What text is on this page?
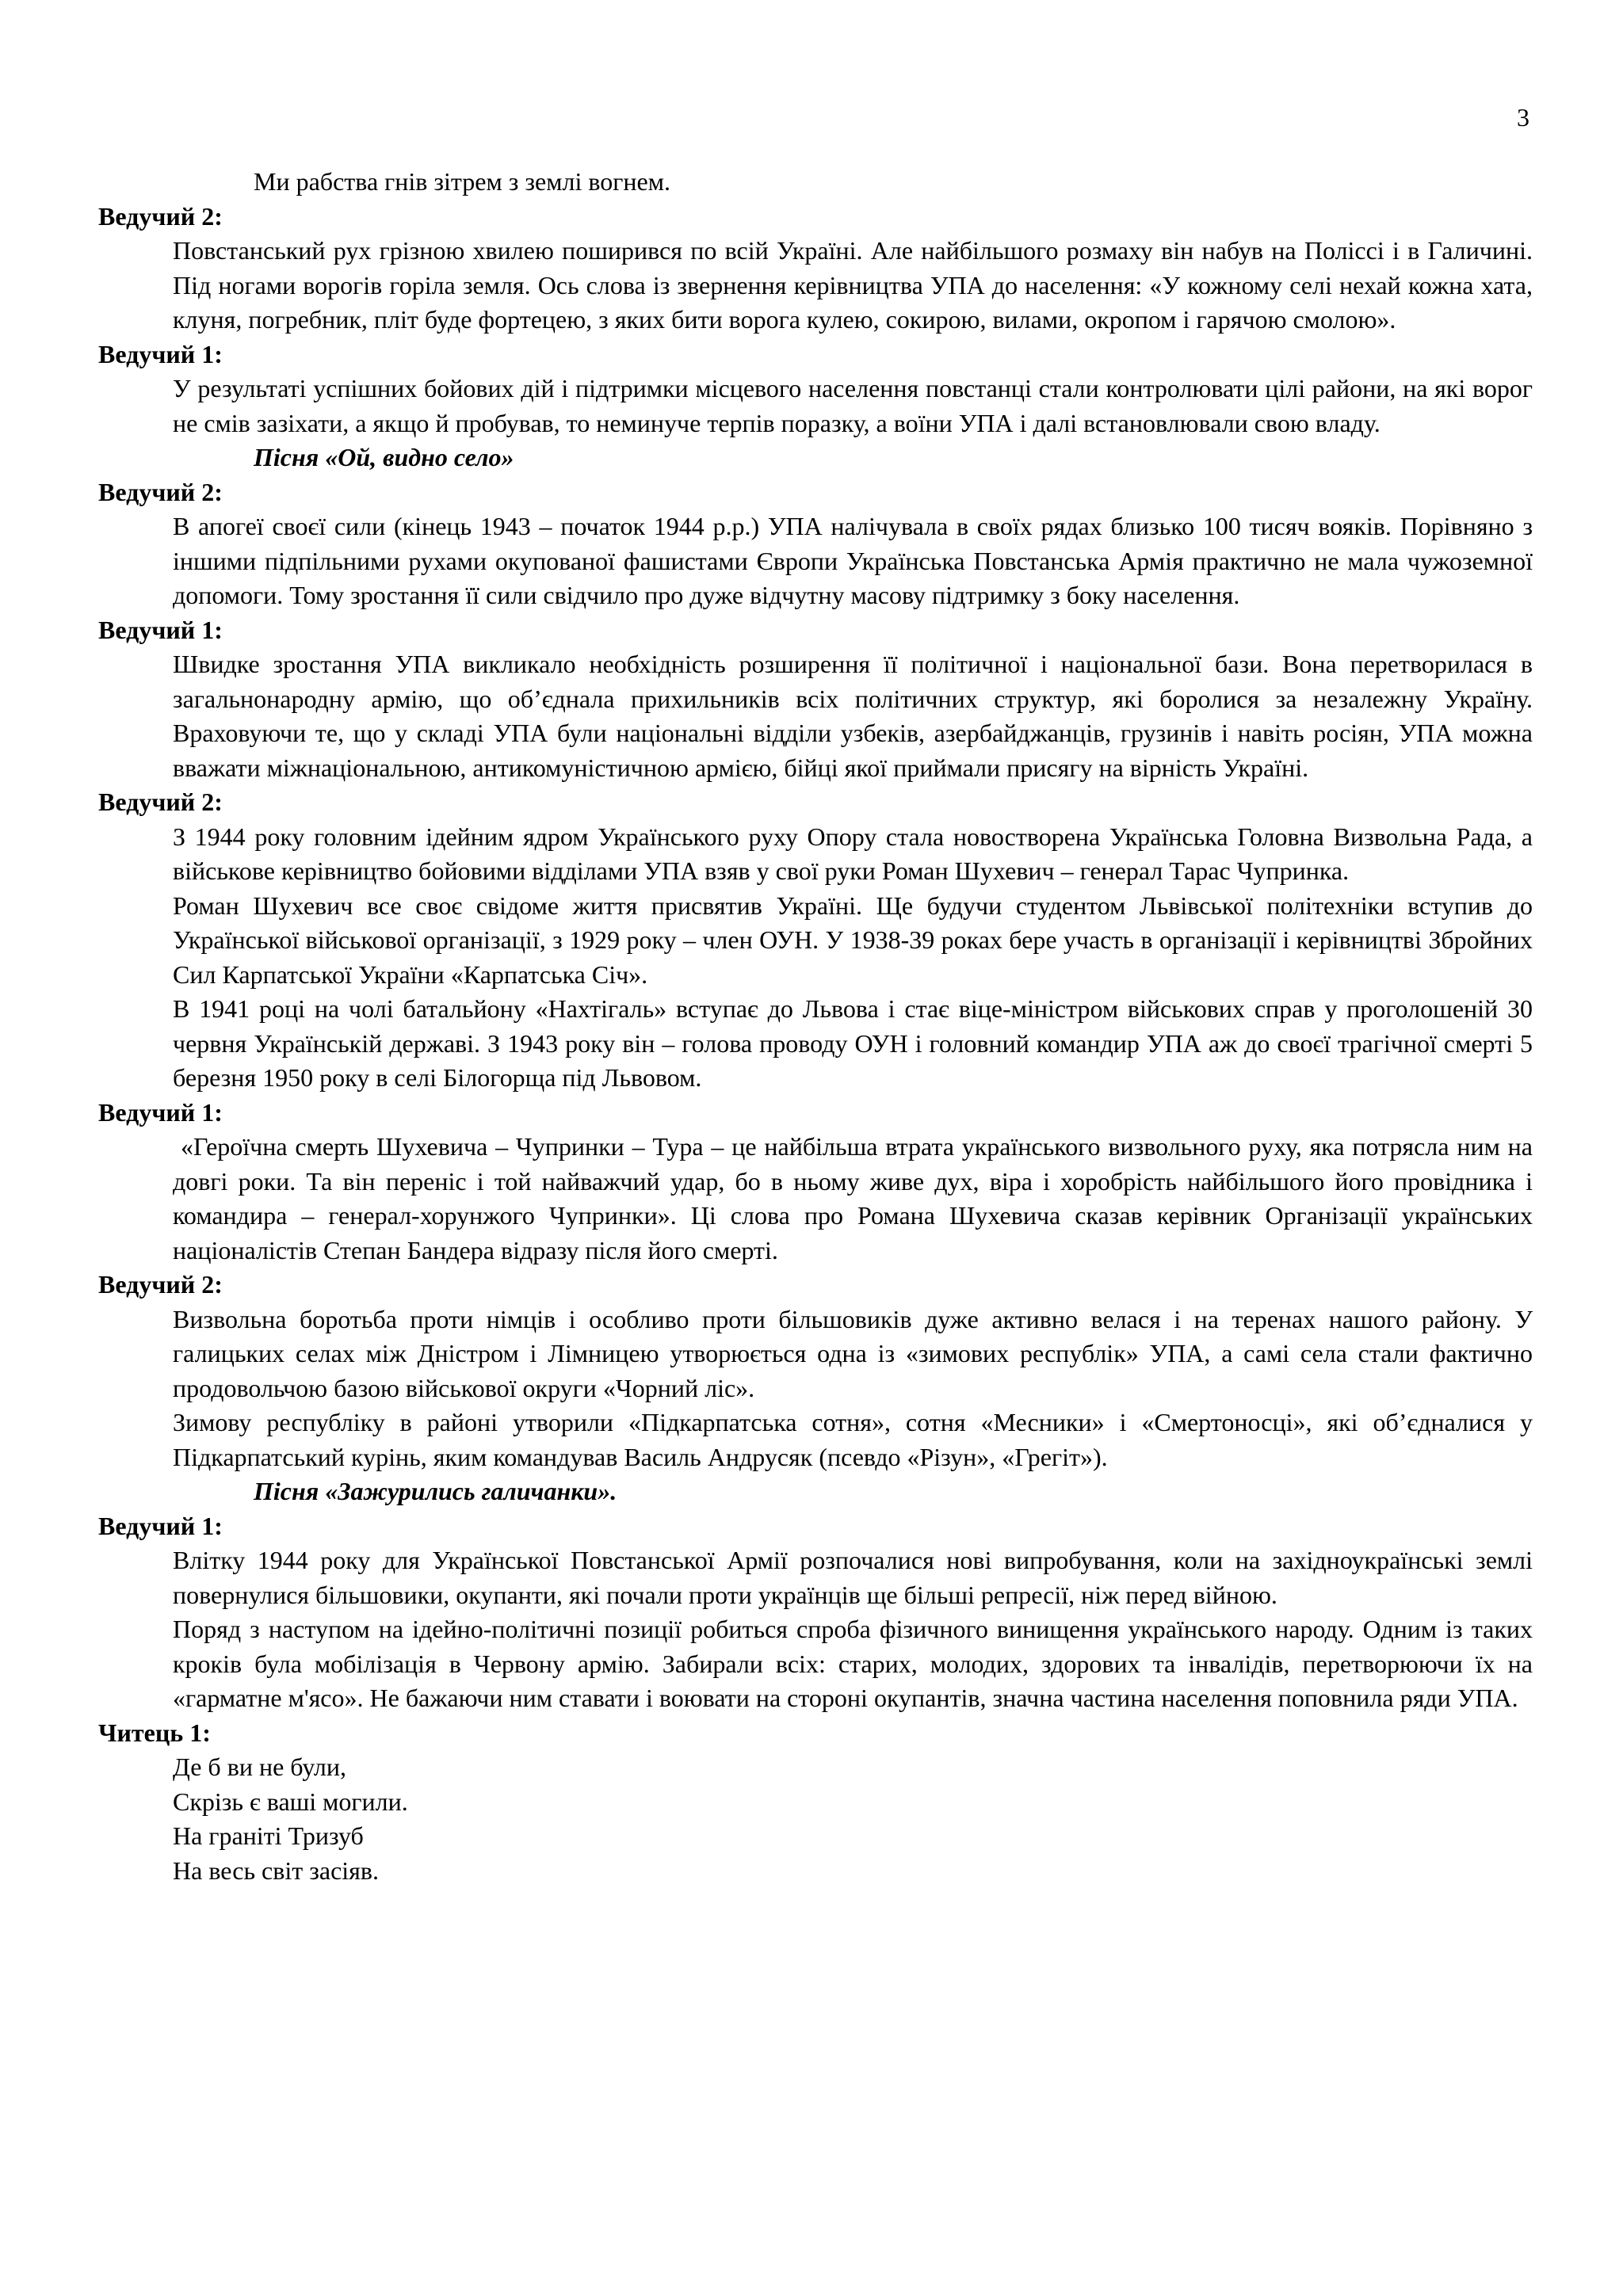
3

Ми рабства гнів зітрем з землі вогнем.

Ведучий 2:

Повстанський рух грізною хвилею поширився по всій Україні. Але найбільшого розмаху він набув на Поліссі і в Галичині. Під ногами ворогів горіла земля. Ось слова із звернення керівництва УПА до населення: «У кожному селі нехай кожна хата, клуня, погребник, пліт буде фортецею, з яких бити ворога кулею, сокирою, вилами, окропом і гарячою смолою».

Ведучий 1:

У результаті успішних бойових дій і підтримки місцевого населення повстанці стали контролювати цілі райони, на які ворог не смів зазіхати, а якщо й пробував, то неминуче терпів поразку, а воїни УПА і далі встановлювали свою владу.

Пісня «Ой, видно село»

Ведучий 2:

В апогеї своєї сили (кінець 1943 – початок 1944 р.р.) УПА налічувала в своїх рядах близько 100 тисяч вояків. Порівняно з іншими підпільними рухами окупованої фашистами Європи Українська Повстанська Армія практично не мала чужоземної допомоги. Тому зростання її сили свідчило про дуже відчутну масову підтримку з боку населення.

Ведучий 1:

Швидке зростання УПА викликало необхідність розширення її політичної і національної бази. Вона перетворилася в загальнонародну армію, що об’єднала прихильників всіх політичних структур, які боролися за незалежну Україну. Враховуючи те, що у складі УПА були національні відділи узбеків, азербайджанців, грузинів і навіть росіян, УПА можна вважати міжнаціональною, антикомуністичною армією, бійці якої приймали присягу на вірність Україні.

Ведучий 2:

З 1944 року головним ідейним ядром Українського руху Опору стала новостворена Українська Головна Визвольна Рада, а військове керівництво бойовими відділами УПА взяв у свої руки Роман Шухевич – генерал Тарас Чупринка.

Роман Шухевич все своє свідоме життя присвятив Україні. Ще будучи студентом Львівської політехніки вступив до Української військової організації, з 1929 року – член ОУН. У 1938-39 роках бере участь в організації і керівництві Збройних Сил Карпатської України «Карпатська Січ».

В 1941 році на чолі батальйону «Нахтігаль» вступає до Львова і стає віце-міністром військових справ у проголошеній 30 червня Українській державі. З 1943 року він – голова проводу ОУН і головний командир УПА аж до своєї трагічної смерті 5 березня 1950 року в селі Білогорща під Львовом.

Ведучий 1:

«Героїчна смерть Шухевича – Чупринки – Тура – це найбільша втрата українського визвольного руху, яка потрясла ним на довгі роки. Та він переніс і той найважчий удар, бо в ньому живе дух, віра і хоробрість найбільшого його провідника і командира – генерал-хорунжого Чупринки». Ці слова про Романа Шухевича сказав керівник Організації українських націоналістів Степан Бандера відразу після його смерті.

Ведучий 2:

Визвольна боротьба проти німців і особливо проти більшовиків дуже активно велася і на теренах нашого району. У галицьких селах між Дністром і Лімницею утворюється одна із «зимових республік» УПА, а самі села стали фактично продовольчою базою військової округи «Чорний ліс».

Зимову республіку в районі утворили «Підкарпатська сотня», сотня «Месники» і «Смертоносці», які об’єдналися у Підкарпатський курінь, яким командував Василь Андрусяк (псевдо «Різун», «Грегіт»).

Пісня «Зажурились галичанки».

Ведучий 1:

Влітку 1944 року для Української Повстанської Армії розпочалися нові випробування, коли на західноукраїнські землі повернулися більшовики, окупанти, які почали проти українців ще більші репресії, ніж перед війною.

Поряд з наступом на ідейно-політичні позиції робиться спроба фізичного винищення українського народу. Одним із таких кроків була мобілізація в Червону армію. Забирали всіх: старих, молодих, здорових та інвалідів, перетворюючи їх на «гарматне м'ясо». Не бажаючи ним ставати і воювати на стороні окупантів, значна частина населення поповнила ряди УПА.

Читець 1:

Де б ви не були,

Скрізь є ваші могили.

На граніті Тризуб

На весь світ засіяв.
